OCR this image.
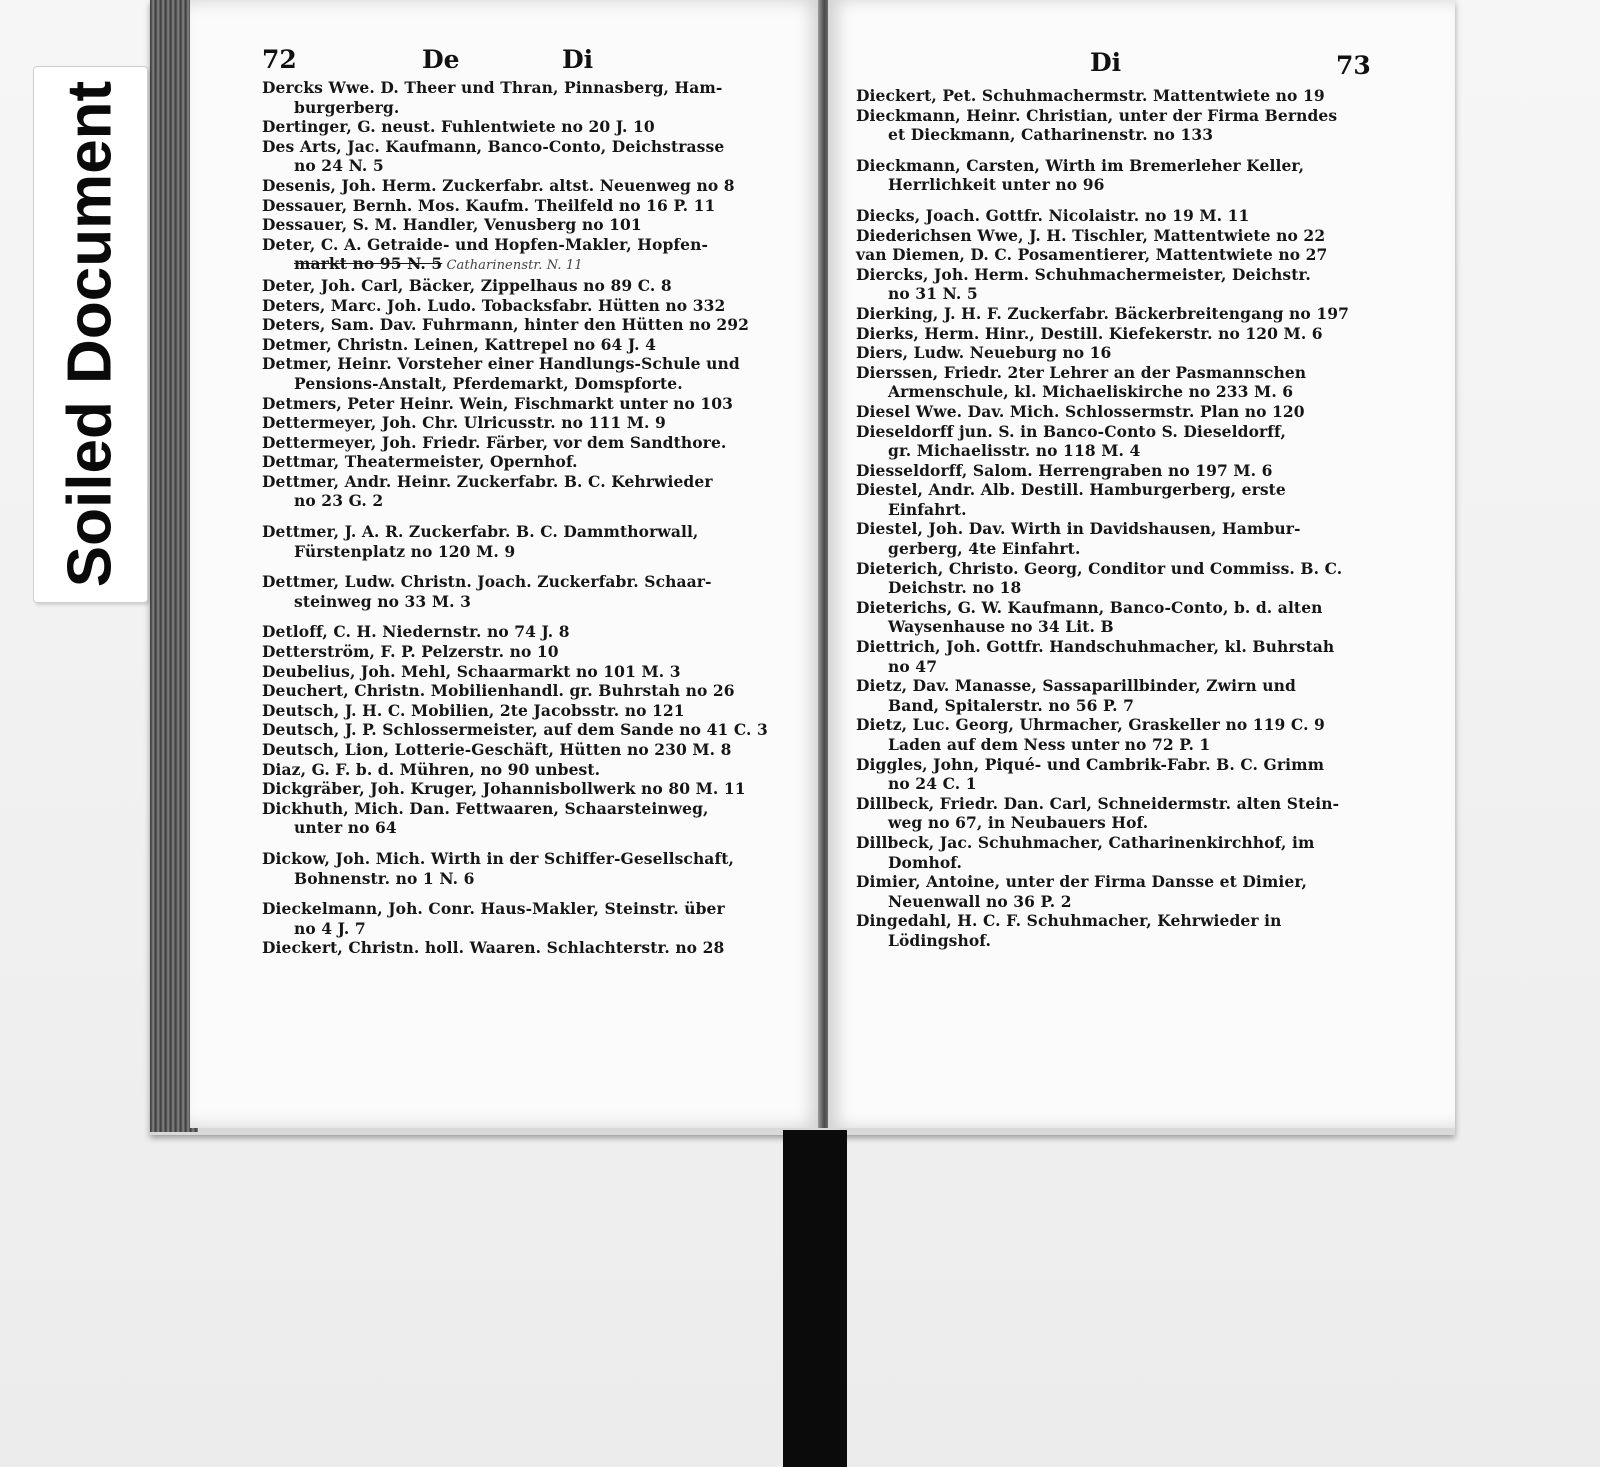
72	De	Di
Dercks Wwe. D. Theer und Thran, Pinnasberg, Ham-
burgerberg.
Dertinger, G. neust. Fuhlentwiete no 20 J. 10
Des Arts, Jac. Kaufmann, Banco-Conto, Deichstrasse
no 24 N. 5
Desenis, Joh. Herm. Zuckerfabr. altst. Neuenweg no 8
Dessauer, Bernh. Mos. Kaufm. Theilfeld no 16 P. 11
Dessauer, S. M. Handler, Venusberg no 101
Deter, C. A. Getraide- und Hopfen-Makler, Hopfen-
markt no 95 N. 5 Catharinenstr. N. 11
Deter, Joh. Carl, Bäcker, Zippelhaus no 89 C. 8
Deters, Marc. Joh. Ludo. Tobacksfabr. Hütten no 332
Deters, Sam. Dav. Fuhrmann, hinter den Hütten no 292
Detmer, Christn. Leinen, Kattrepel no 64 J. 4
Detmer, Heinr. Vorsteher einer Handlungs-Schule und
Pensions-Anstalt, Pferdemarkt, Domspforte.
Detmers, Peter Heinr. Wein, Fischmarkt unter no 103
Dettermeyer, Joh. Chr. Ulricusstr. no 111 M. 9
Dettermeyer, Joh. Friedr. Färber, vor dem Sandthore.
Dettmar, Theatermeister, Opernhof.
Dettmer, Andr. Heinr. Zuckerfabr. B. C. Kehrwieder
no 23 G. 2
Dettmer, J. A. R. Zuckerfabr. B. C. Dammthorwall,
Fürstenplatz no 120 M. 9
Dettmer, Ludw. Christn. Joach. Zuckerfabr. Schaar-
steinweg no 33 M. 3
Detloff, C. H. Niedernstr. no 74 J. 8
Detterström, F. P. Pelzerstr. no 10
Deubelius, Joh. Mehl, Schaarmarkt no 101 M. 3
Deuchert, Christn. Mobilienhandl. gr. Buhrstah no 26
Deutsch, J. H. C. Mobilien, 2te Jacobsstr. no 121
Deutsch, J. P. Schlossermeister, auf dem Sande no 41 C. 3
Deutsch, Lion, Lotterie-Geschäft, Hütten no 230 M. 8
Diaz, G. F. b. d. Mühren, no 90 unbest.
Dickgräber, Joh. Kruger, Johannisbollwerk no 80 M. 11
Dickhuth, Mich. Dan. Fettwaaren, Schaarsteinweg,
unter no 64
Dickow, Joh. Mich. Wirth in der Schiffer-Gesellschaft,
Bohnenstr. no 1 N. 6
Dieckelmann, Joh. Conr. Haus-Makler, Steinstr. über
no 4 J. 7
Dieckert, Christn. holl. Waaren. Schlachterstr. no 28
Di	73
Dieckert, Pet. Schuhmachermstr. Mattentwiete no 19
Dieckmann, Heinr. Christian, unter der Firma Berndes
et Dieckmann, Catharinenstr. no 133
Dieckmann, Carsten, Wirth im Bremerleher Keller,
Herrlichkeit unter no 96
Diecks, Joach. Gottfr. Nicolaistr. no 19 M. 11
Diederichsen Wwe, J. H. Tischler, Mattentwiete no 22
van Diemen, D. C. Posamentierer, Mattentwiete no 27
Diercks, Joh. Herm. Schuhmachermeister, Deichstr.
no 31 N. 5
Dierking, J. H. F. Zuckerfabr. Bäckerbreitengang no 197
Dierks, Herm. Hinr., Destill. Kiefekerstr. no 120 M. 6
Diers, Ludw. Neueburg no 16
Dierssen, Friedr. 2ter Lehrer an der Pasmannschen
Armenschule, kl. Michaeliskirche no 233 M. 6
Diesel Wwe. Dav. Mich. Schlossermstr. Plan no 120
Dieseldorff jun. S. in Banco-Conto S. Dieseldorff,
gr. Michaelisstr. no 118 M. 4
Diesseldorff, Salom. Herrengraben no 197 M. 6
Diestel, Andr. Alb. Destill. Hamburgerberg, erste
Einfahrt.
Diestel, Joh. Dav. Wirth in Davidshausen, Hambur-
gerberg, 4te Einfahrt.
Dieterich, Christo. Georg, Conditor und Commiss. B. C.
Deichstr. no 18
Dieterichs, G. W. Kaufmann, Banco-Conto, b. d. alten
Waysenhause no 34 Lit. B
Diettrich, Joh. Gottfr. Handschuhmacher, kl. Buhrstah
no 47
Dietz, Dav. Manasse, Sassaparillbinder, Zwirn und
Band, Spitalerstr. no 56 P. 7
Dietz, Luc. Georg, Uhrmacher, Graskeller no 119 C. 9
Laden auf dem Ness unter no 72 P. 1
Diggles, John, Piqué- und Cambrik-Fabr. B. C. Grimm
no 24 C. 1
Dillbeck, Friedr. Dan. Carl, Schneidermstr. alten Stein-
weg no 67, in Neubauers Hof.
Dillbeck, Jac. Schuhmacher, Catharinenkirchhof, im
Domhof.
Dimier, Antoine, unter der Firma Dansse et Dimier,
Neuenwall no 36 P. 2
Dingedahl, H. C. F. Schuhmacher, Kehrwieder in
Lödingshof.
Soiled Document
